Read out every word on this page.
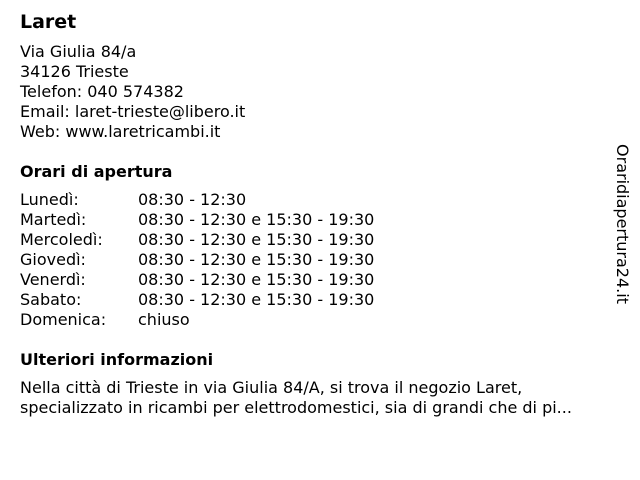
Laret
Via Giulia 84/a
34126 Trieste
Telefon: 040 574382
Email: laret-trieste@libero.it
Web: www.laretricambi.it
Orari di apertura
Lunedì:	08:30 - 12:30
Martedì:	08:30 - 12:30 e 15:30 - 19:30
Mercoledì:	08:30 - 12:30 e 15:30 - 19:30
Giovedì:	08:30 - 12:30 e 15:30 - 19:30
Venerdì:	08:30 - 12:30 e 15:30 - 19:30
Sabato:	08:30 - 12:30 e 15:30 - 19:30
Domenica:	chiuso
Ulteriori informazioni
Nella città di Trieste in via Giulia 84/A, si trova il negozio Laret, specializzato in ricambi per elettrodomestici, sia di grandi che di pi...
Oraridiapertura24.it
